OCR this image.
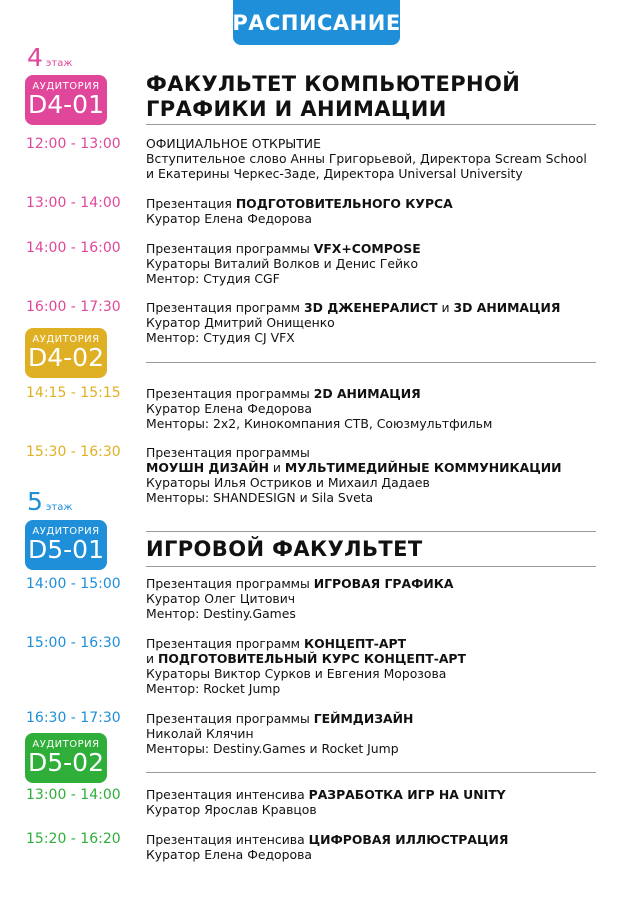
РАСПИСАНИЕ
4 этаж
АУДИТОРИЯ
D4-01
ФАКУЛЬТЕТ КОМПЬЮТЕРНОЙ
ГРАФИКИ И АНИМАЦИИ
12:00 - 13:00 ОФИЦИАЛЬНОЕ ОТКРЫТИЕ
Вступительное слово Анны Григорьевой, Директора Scream School
и Екатерины Черкес-Заде, Директора Universal University
13:00 - 14:00 Презентация ПОДГОТОВИТЕЛЬНОГО КУРСА
Куратор Елена Федорова
14:00 - 16:00 Презентация программы VFX+COMPOSE
Кураторы Виталий Волков и Денис Гейко
Ментор: Студия CGF
16:00 - 17:30 Презентация программ 3D ДЖЕНЕРАЛИСТ и 3D АНИМАЦИЯ
Куратор Дмитрий Онищенко
Ментор: Студия CJ VFX
АУДИТОРИЯ
D4-02
14:15 - 15:15 Презентация программы 2D АНИМАЦИЯ
Куратор Елена Федорова
Менторы: 2x2, Кинокомпания СТВ, Союзмультфильм
15:30 - 16:30 Презентация программы
МОУШН ДИЗАЙН и МУЛЬТИМЕДИЙНЫЕ КОММУНИКАЦИИ
Кураторы Илья Остриков и Михаил Дадаев
Менторы: SHANDESIGN и Sila Sveta
5 этаж
АУДИТОРИЯ
D5-01 ИГРОВОЙ ФАКУЛЬТЕТ
14:00 - 15:00 Презентация программы ИГРОВАЯ ГРАФИКА
Куратор Олег Цитович
Ментор: Destiny.Games
15:00 - 16:30 Презентация программ КОНЦЕПТ-АРТ
и ПОДГОТОВИТЕЛЬНЫЙ КУРС КОНЦЕПТ-АРТ
Кураторы Виктор Сурков и Евгения Морозова
Ментор: Rocket Jump
16:30 - 17:30 Презентация программы ГЕЙМДИЗАЙН
Николай Клячин
Менторы: Destiny.Games и Rocket Jump
АУДИТОРИЯ
D5-02
13:00 - 14:00 Презентация интенсива РАЗРАБОТКА ИГР НА UNITY
Куратор Ярослав Кравцов
15:20 - 16:20 Презентация интенсива ЦИФРОВАЯ ИЛЛЮСТРАЦИЯ
Куратор Елена Федорова
